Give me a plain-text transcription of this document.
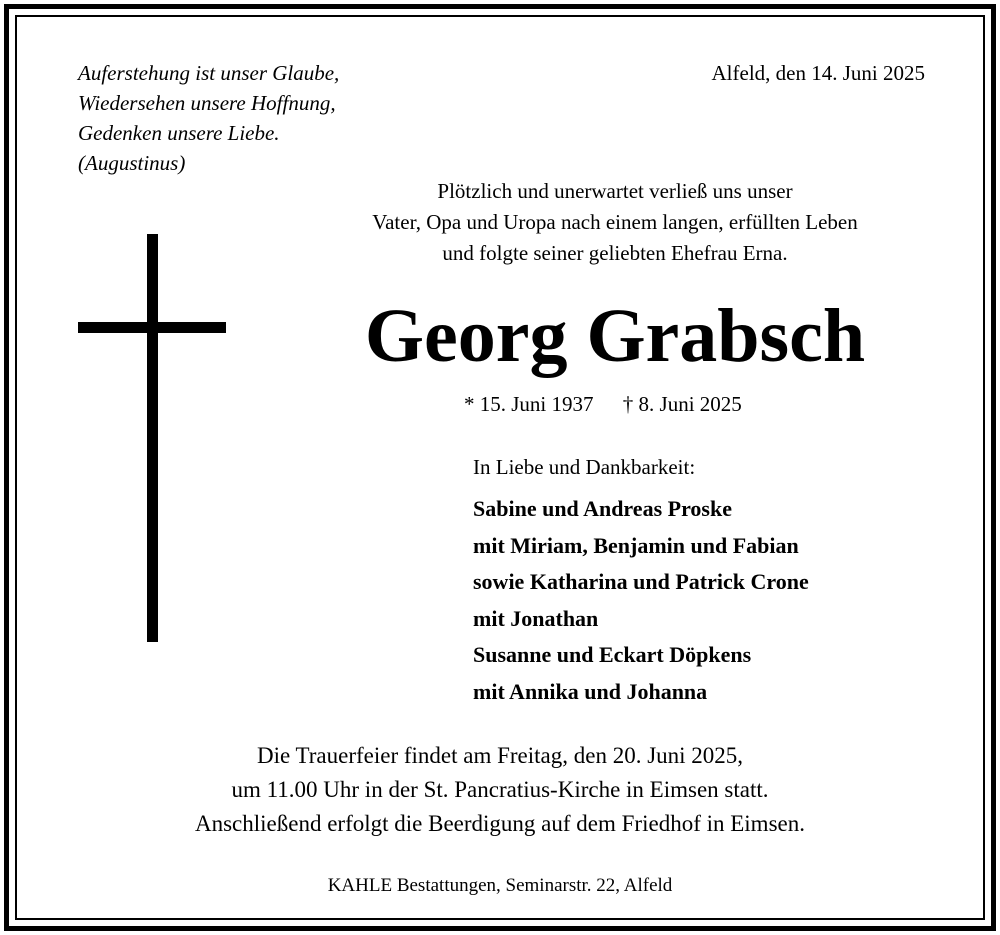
Auferstehung ist unser Glaube,
Wiedersehen unsere Hoffnung,
Gedenken unsere Liebe.
(Augustinus)
Alfeld, den 14. Juni 2025
Plötzlich und unerwartet verließ uns unser
Vater, Opa und Uropa nach einem langen, erfüllten Leben
und folgte seiner geliebten Ehefrau Erna.
Georg Grabsch
* 15. Juni 1937 † 8. Juni 2025
In Liebe und Dankbarkeit:
Sabine und Andreas Proske
mit Miriam, Benjamin und Fabian
sowie Katharina und Patrick Crone
mit Jonathan
Susanne und Eckart Döpkens
mit Annika und Johanna
Die Trauerfeier findet am Freitag, den 20. Juni 2025,
um 11.00 Uhr in der St. Pancratius-Kirche in Eimsen statt.
Anschließend erfolgt die Beerdigung auf dem Friedhof in Eimsen.
KAHLE Bestattungen, Seminarstr. 22, Alfeld
